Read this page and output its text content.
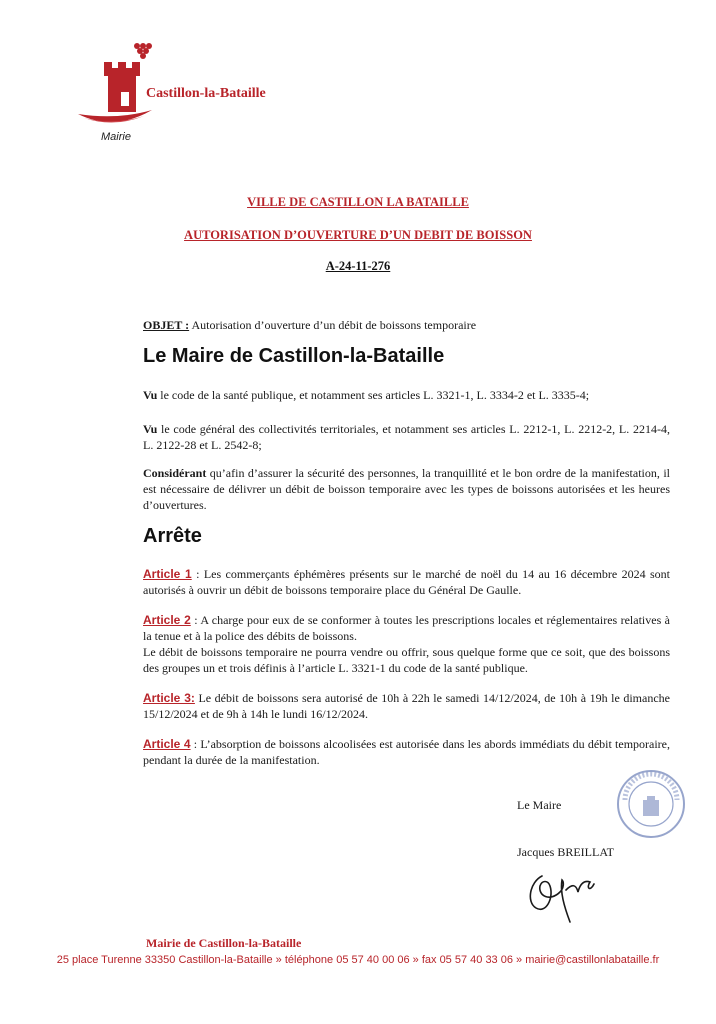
Castillon-la-Bataille
Mairie
VILLE DE CASTILLON LA BATAILLE
AUTORISATION D’OUVERTURE D’UN DEBIT DE BOISSON
A-24-11-276
OBJET : Autorisation d’ouverture d’un débit de boissons temporaire
Le Maire de Castillon-la-Bataille
Vu le code de la santé publique, et notamment ses articles L. 3321-1, L. 3334-2 et L. 3335-4;
Vu le code général des collectivités territoriales, et notamment ses articles L. 2212-1, L. 2212-2, L. 2214-4, L. 2122-28 et L. 2542-8;
Considérant qu’afin d’assurer la sécurité des personnes, la tranquillité et le bon ordre de la manifestation, il est nécessaire de délivrer un débit de boisson temporaire avec les types de boissons autorisées et les heures d’ouvertures.
Arrête
Article 1 : Les commerçants éphémères présents sur le marché de noël du 14 au 16 décembre 2024 sont autorisés à ouvrir un débit de boissons temporaire place du Général De Gaulle.
Article 2 : A charge pour eux de se conformer à toutes les prescriptions locales et réglementaires relatives à la tenue et à la police des débits de boissons.
Le débit de boissons temporaire ne pourra vendre ou offrir, sous quelque forme que ce soit, que des boissons des groupes un et trois définis à l’article L. 3321-1 du code de la santé publique.
Article 3: Le débit de boissons sera autorisé de 10h à 22h le samedi 14/12/2024, de 10h à 19h le dimanche 15/12/2024 et de 9h à 14h le lundi 16/12/2024.
Article 4 : L’absorption de boissons alcoolisées est autorisée dans les abords immédiats du débit temporaire, pendant la durée de la manifestation.
Le Maire
Jacques BREILLAT
Mairie de Castillon-la-Bataille
25 place Turenne 33350 Castillon-la-Bataille » téléphone 05 57 40 00 06 » fax 05 57 40 33 06 » mairie@castillonlabataille.fr
